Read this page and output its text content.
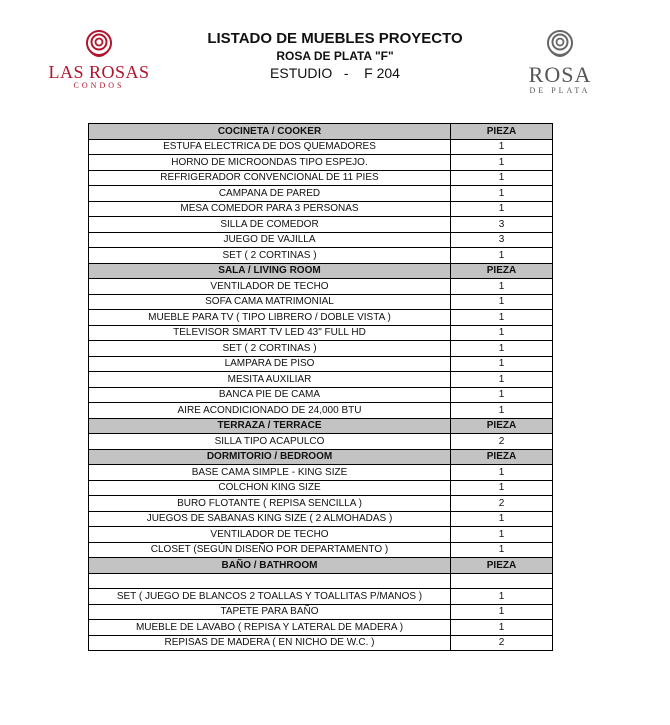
LAS ROSAS
CONDOS
LISTADO DE MUEBLES PROYECTO
ROSA DE PLATA "F"
ESTUDIO   -    F 204	ROSA
DE PLATA
COCINETA / COOKER	PIEZA
ESTUFA ELECTRICA DE DOS QUEMADORES	1
HORNO DE MICROONDAS TIPO ESPEJO.	1
REFRIGERADOR CONVENCIONAL DE 11 PIES	1
CAMPANA DE PARED	1
MESA COMEDOR PARA 3 PERSONAS	1
SILLA DE COMEDOR	3
JUEGO DE VAJILLA	3
SET ( 2 CORTINAS )	1
SALA / LIVING ROOM	PIEZA
VENTILADOR DE TECHO	1
SOFA CAMA MATRIMONIAL	1
MUEBLE PARA TV ( TIPO LIBRERO / DOBLE VISTA )	1
TELEVISOR SMART TV LED 43" FULL HD	1
SET ( 2 CORTINAS )	1
LAMPARA DE PISO	1
MESITA AUXILIAR	1
BANCA PIE DE CAMA	1
AIRE ACONDICIONADO DE 24,000 BTU	1
TERRAZA / TERRACE	PIEZA
SILLA TIPO ACAPULCO	2
DORMITORIO / BEDROOM	PIEZA
BASE CAMA SIMPLE - KING SIZE	1
COLCHON KING SIZE	1
BURO FLOTANTE ( REPISA SENCILLA )	2
JUEGOS DE SABANAS KING SIZE ( 2 ALMOHADAS )	1
VENTILADOR DE TECHO	1
CLOSET (SEGÚN DISEÑO POR DEPARTAMENTO )	1
BAÑO / BATHROOM	PIEZA

SET ( JUEGO DE BLANCOS 2 TOALLAS Y TOALLITAS P/MANOS )	1
TAPETE PARA BAÑO	1
MUEBLE DE LAVABO ( REPISA Y LATERAL DE MADERA )	1
REPISAS DE MADERA ( EN NICHO DE W.C. )	2
